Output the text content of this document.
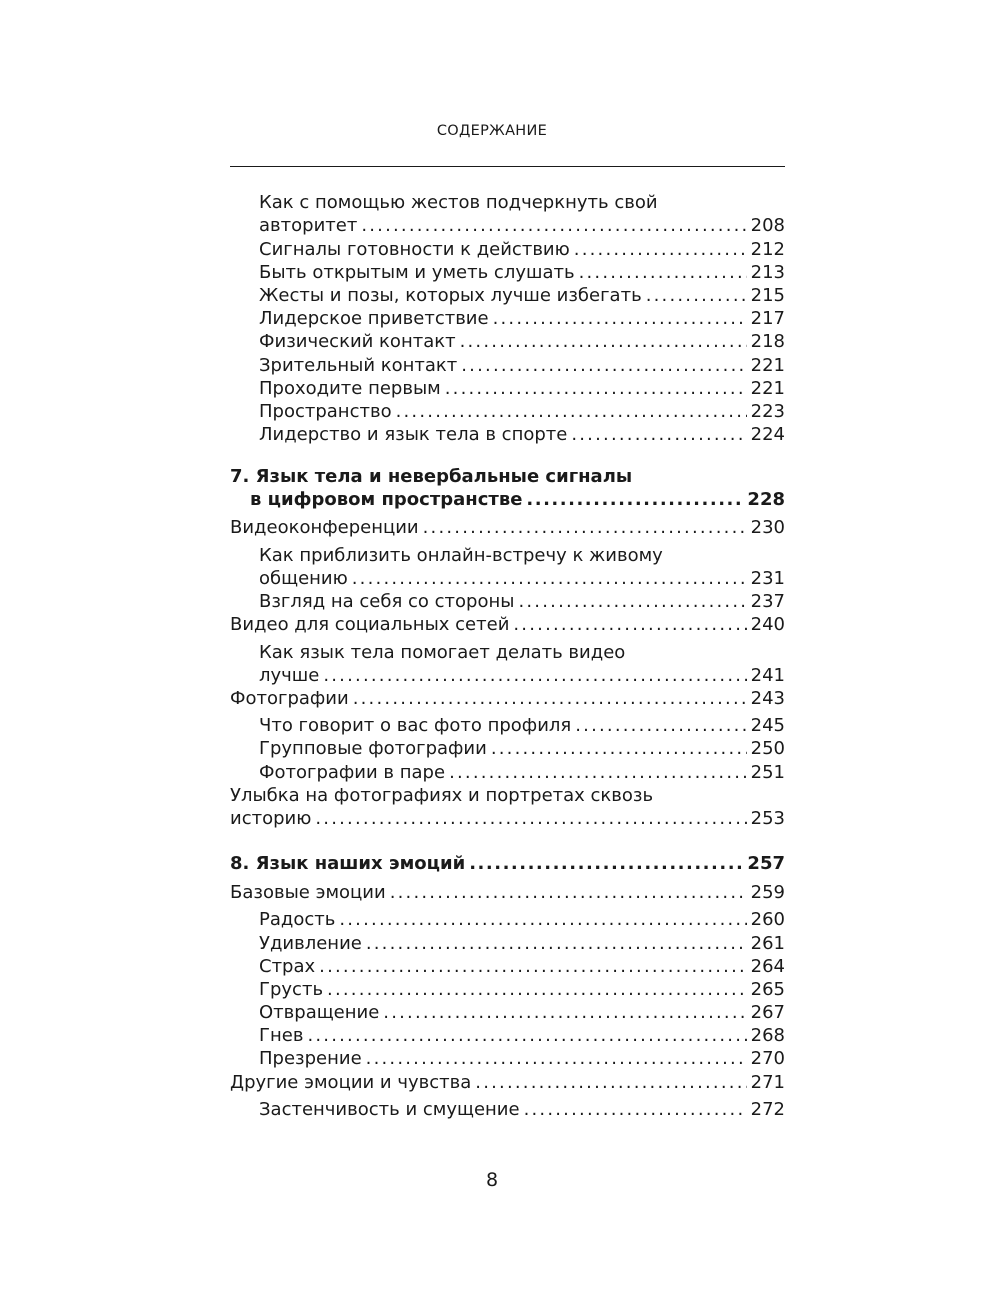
СОДЕРЖАНИЕ
Как с помощью жестов подчеркнуть свой
авторитет .....	208
Сигналы готовности к действию .....	212
Быть открытым и уметь слушать .....	213
Жесты и позы, которых лучше избегать .....	215
Лидерское приветствие .....	217
Физический контакт .....	218
Зрительный контакт .....	221
Проходите первым .....	221
Пространство .....	223
Лидерство и язык тела в спорте .....	224
7. Язык тела и невербальные сигналы
в цифровом пространстве .....	228
Видеоконференции .....	230
Как приблизить онлайн-встречу к живому
общению .....	231
Взгляд на себя со стороны .....	237
Видео для социальных сетей .....	240
Как язык тела помогает делать видео
лучше .....	241
Фотографии .....	243
Что говорит о вас фото профиля .....	245
Групповые фотографии .....	250
Фотографии в паре .....	251
Улыбка на фотографиях и портретах сквозь
историю .....	253
8. Язык наших эмоций .....	257
Базовые эмоции .....	259
Радость .....	260
Удивление .....	261
Страх .....	264
Грусть .....	265
Отвращение .....	267
Гнев .....	268
Презрение .....	270
Другие эмоции и чувства .....	271
Застенчивость и смущение .....	272
8
